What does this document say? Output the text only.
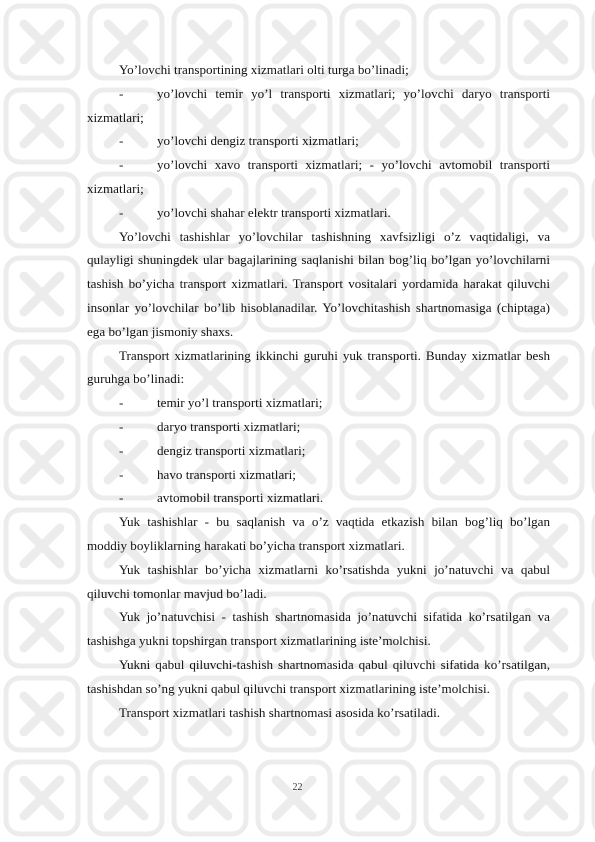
Yo’lovchi transportining xizmatlari olti turga bo’linadi;

-	yo’lovchi temir yo’l transporti xizmatlari; yo’lovchi daryo transporti xizmatlari;

-	yo’lovchi dengiz transporti xizmatlari;

-	yo’lovchi xavo transporti xizmatlari; - yo’lovchi avtomobil transporti xizmatlari;

-	yo’lovchi shahar elektr transporti xizmatlari.

Yo’lovchi tashishlar yo’lovchilar tashishning xavfsizligi o’z vaqtidaligi, va qulayligi shuningdek ular bagajlarining saqlanishi bilan bog’liq bo’lgan yo’lovchilarni tashish bo’yicha transport xizmatlari. Transport vositalari yordamida harakat qiluvchi insonlar yo’lovchilar bo’lib hisoblanadilar. Yo’lovchitashish shartnomasiga (chiptaga) ega bo’lgan jismoniy shaxs.

Transport xizmatlarining ikkinchi guruhi yuk transporti. Bunday xizmatlar besh guruhga bo’linadi:

-	temir yo’l transporti xizmatlari;

-	daryo transporti xizmatlari;

-	dengiz transporti xizmatlari;

-	havo transporti xizmatlari;

-	avtomobil transporti xizmatlari.

Yuk tashishlar - bu saqlanish va o’z vaqtida etkazish bilan bog’liq bo’lgan moddiy boyliklarning harakati bo’yicha transport xizmatlari.

Yuk tashishlar bo’yicha xizmatlarni ko’rsatishda yukni jo’natuvchi va qabul qiluvchi tomonlar mavjud bo’ladi.

Yuk jo’natuvchisi - tashish shartnomasida jo’natuvchi sifatida ko’rsatilgan va tashishga yukni topshirgan transport xizmatlarining iste’molchisi.

Yukni qabul qiluvchi-tashish shartnomasida qabul qiluvchi sifatida ko’rsatilgan, tashishdan so’ng yukni qabul qiluvchi transport xizmatlarining iste’molchisi.

Transport xizmatlari tashish shartnomasi asosida ko’rsatiladi.

22
